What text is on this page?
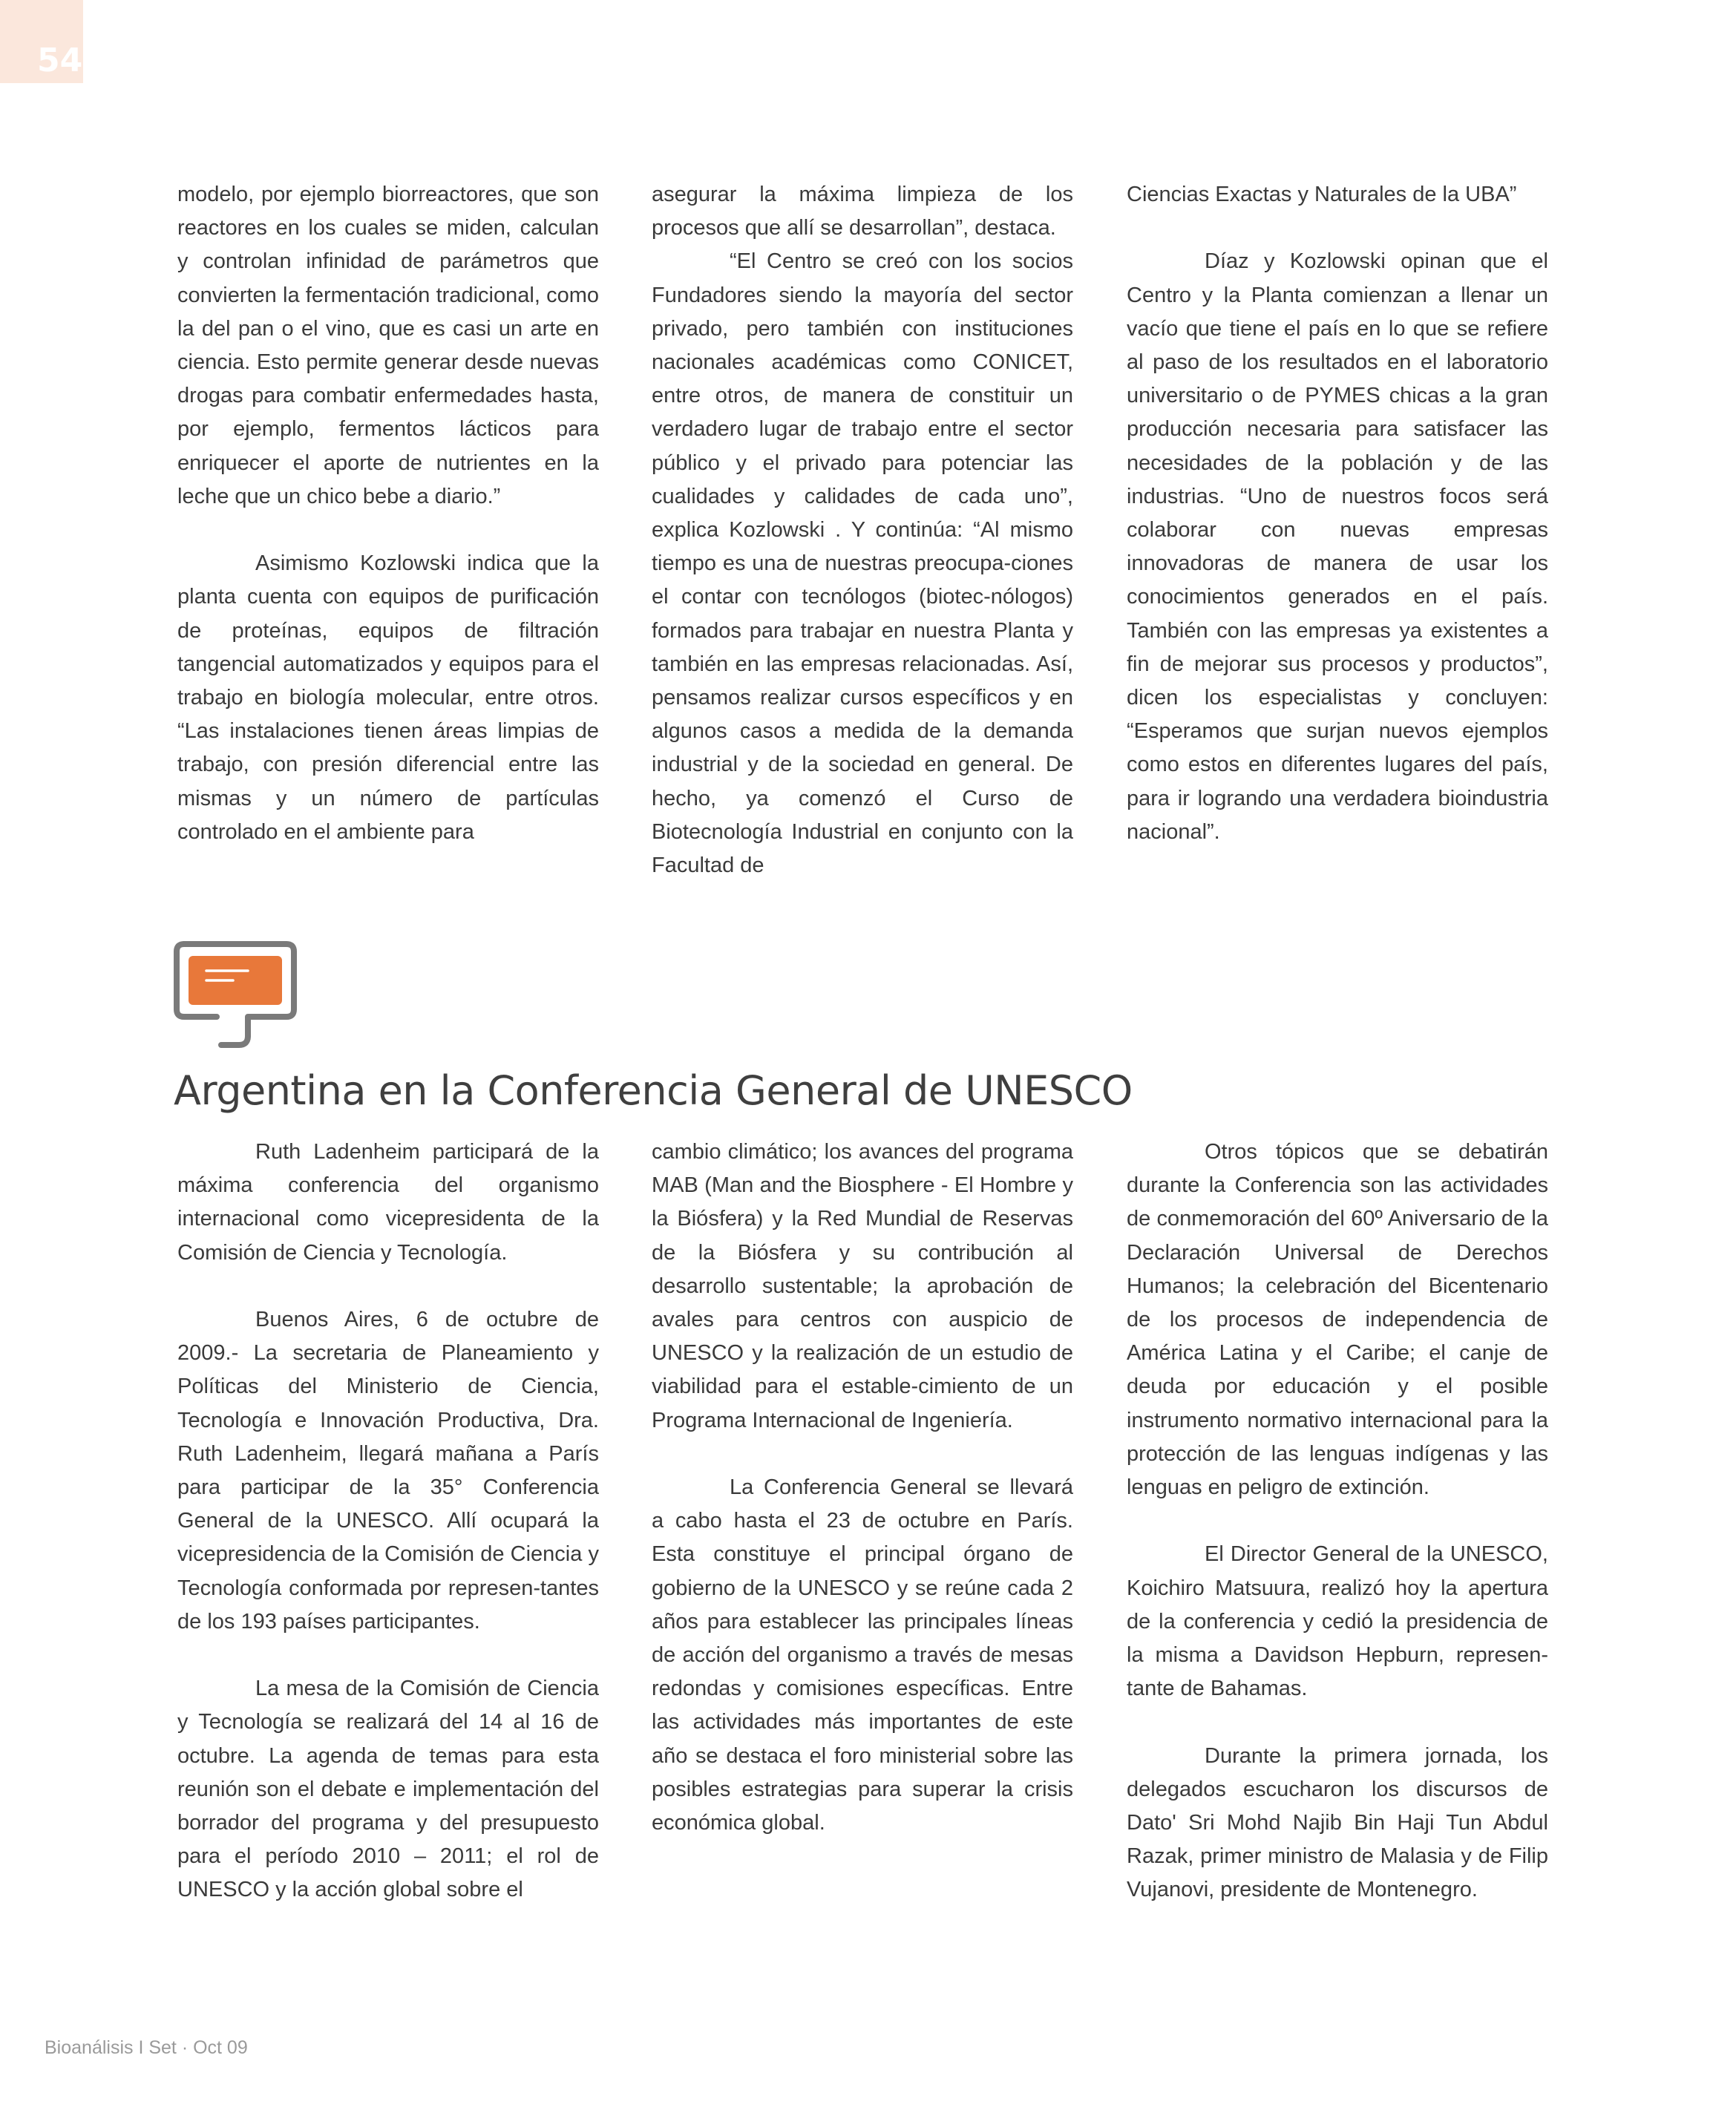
54

modelo, por ejemplo biorreactores, que son reactores en los cuales se miden, calculan y controlan infinidad de parámetros que convierten la fermentación tradicional, como la del pan o el vino, que es casi un arte en ciencia. Esto permite generar desde nuevas drogas para combatir enfermedades hasta, por ejemplo, fermentos lácticos para enriquecer el aporte de nutrientes en la leche que un chico bebe a diario.”

Asimismo Kozlowski indica que la planta cuenta con equipos de purificación de proteínas, equipos de filtración tangencial automatizados y equipos para el trabajo en biología molecular, entre otros. “Las instalaciones tienen áreas limpias de trabajo, con presión diferencial entre las mismas y un número de partículas controlado en el ambiente para

asegurar la máxima limpieza de los procesos que allí se desarrollan”, destaca.

“El Centro se creó con los socios Fundadores siendo la mayoría del sector privado, pero también con instituciones nacionales académicas como CONICET, entre otros, de manera de constituir un verdadero lugar de trabajo entre el sector público y el privado para potenciar las cualidades y calidades de cada uno”, explica Kozlowski . Y continúa: “Al mismo tiempo es una de nuestras preocupa-ciones el contar con tecnólogos (biotec-nólogos) formados para trabajar en nuestra Planta y también en las empresas relacionadas. Así, pensamos realizar cursos específicos y en algunos casos a medida de la demanda industrial y de la sociedad en general. De hecho, ya comenzó el Curso de Biotecnología Industrial en conjunto con la Facultad de

Ciencias Exactas y Naturales de la UBA”

Díaz y Kozlowski opinan que el Centro y la Planta comienzan a llenar un vacío que tiene el país en lo que se refiere al paso de los resultados en el laboratorio universitario o de PYMES chicas a la gran producción necesaria para satisfacer las necesidades de la población y de las industrias. “Uno de nuestros focos será colaborar con nuevas empresas innovadoras de manera de usar los conocimientos generados en el país. También con las empresas ya existentes a fin de mejorar sus procesos y productos”, dicen los especialistas y concluyen: “Esperamos que surjan nuevos ejemplos como estos en diferentes lugares del país, para ir logrando una verdadera bioindustria nacional”.

Argentina en la Conferencia General de UNESCO

Ruth Ladenheim participará de la máxima conferencia del organismo internacional como vicepresidenta de la Comisión de Ciencia y Tecnología.

Buenos Aires, 6 de octubre de 2009.- La secretaria de Planeamiento y Políticas del Ministerio de Ciencia, Tecnología e Innovación Productiva, Dra. Ruth Ladenheim, llegará mañana a París para participar de la 35° Conferencia General de la UNESCO. Allí ocupará la vicepresidencia de la Comisión de Ciencia y Tecnología conformada por represen-tantes de los 193 países participantes.

La mesa de la Comisión de Ciencia y Tecnología se realizará del 14 al 16 de octubre. La agenda de temas para esta reunión son el debate e implementación del borrador del programa y del presupuesto para el período 2010 – 2011; el rol de UNESCO y la acción global sobre el

cambio climático; los avances del programa MAB (Man and the Biosphere - El Hombre y la Biósfera) y la Red Mundial de Reservas de la Biósfera y su contribución al desarrollo sustentable; la aprobación de avales para centros con auspicio de UNESCO y la realización de un estudio de viabilidad para el estable-cimiento de un Programa Internacional de Ingeniería.

La Conferencia General se llevará a cabo hasta el 23 de octubre en París. Esta constituye el principal órgano de gobierno de la UNESCO y se reúne cada 2 años para establecer las principales líneas de acción del organismo a través de mesas redondas y comisiones específicas. Entre las actividades más importantes de este año se destaca el foro ministerial sobre las posibles estrategias para superar la crisis económica global.

Otros tópicos que se debatirán durante la Conferencia son las actividades de conmemoración del 60º Aniversario de la Declaración Universal de Derechos Humanos; la celebración del Bicentenario de los procesos de independencia de América Latina y el Caribe; el canje de deuda por educación y el posible instrumento normativo internacional para la protección de las lenguas indígenas y las lenguas en peligro de extinción.

El Director General de la UNESCO, Koichiro Matsuura, realizó hoy la apertura de la conferencia y cedió la presidencia de la misma a Davidson Hepburn, represen-tante de Bahamas.

Durante la primera jornada, los delegados escucharon los discursos de Dato' Sri Mohd Najib Bin Haji Tun Abdul Razak, primer ministro de Malasia y de Filip Vujanovi, presidente de Montenegro.

Bioanálisis I Set · Oct 09
